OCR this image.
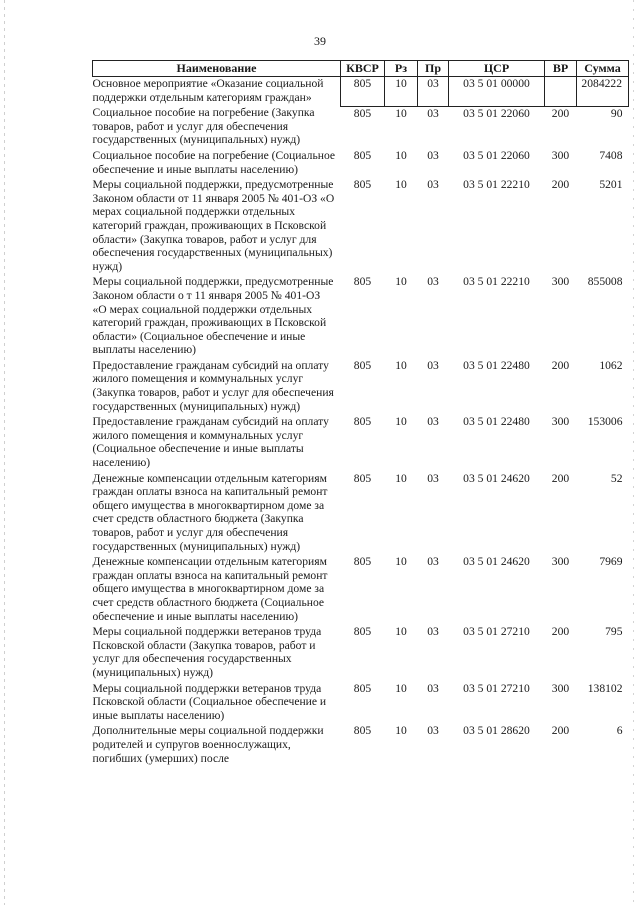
39
Наименование	КВСР	Рз	Пр	ЦСР	ВР	Сумма
Основное мероприятие «Оказание социальной поддержки отдельным категориям граждан»	805	10	03	03 5 01 00000		2084222
Социальное пособие на погребение (Закупка товаров, работ и услуг для обеспечения государственных (муниципальных) нужд)	805	10	03	03 5 01 22060	200	90
Социальное пособие на погребение (Социальное обеспечение и иные выплаты населению)	805	10	03	03 5 01 22060	300	7408
Меры социальной поддержки, предусмотренные Законом области от 11 января 2005 № 401-ОЗ «О мерах социальной поддержки отдельных категорий граждан, проживающих в Псковской области» (Закупка товаров, работ и услуг для обеспечения государственных (муниципальных) нужд)	805	10	03	03 5 01 22210	200	5201
Меры социальной поддержки, предусмотренные Законом области о т 11 января 2005 № 401-ОЗ «О мерах социальной поддержки отдельных категорий граждан, проживающих в Псковской области» (Социальное обеспечение и иные выплаты населению)	805	10	03	03 5 01 22210	300	855008
Предоставление гражданам субсидий на оплату жилого помещения и коммунальных услуг (Закупка товаров, работ и услуг для обеспечения государственных (муниципальных) нужд)	805	10	03	03 5 01 22480	200	1062
Предоставление гражданам субсидий на оплату жилого помещения и коммунальных услуг (Социальное обеспечение и иные выплаты населению)	805	10	03	03 5 01 22480	300	153006
Денежные компенсации отдельным категориям граждан оплаты взноса на капитальный ремонт общего имущества в многоквартирном доме за счет средств областного бюджета (Закупка товаров, работ и услуг для обеспечения государственных (муниципальных) нужд)	805	10	03	03 5 01 24620	200	52
Денежные компенсации отдельным категориям граждан оплаты взноса на капитальный ремонт общего имущества в многоквартирном доме за счет средств областного бюджета (Социальное обеспечение и иные выплаты населению)	805	10	03	03 5 01 24620	300	7969
Меры социальной поддержки ветеранов труда Псковской области (Закупка товаров, работ и услуг для обеспечения государственных (муниципальных) нужд)	805	10	03	03 5 01 27210	200	795
Меры социальной поддержки ветеранов труда Псковской области (Социальное обеспечение и иные выплаты населению)	805	10	03	03 5 01 27210	300	138102
Дополнительные меры социальной поддержки родителей и супругов военнослужащих, погибших (умерших) после	805	10	03	03 5 01 28620	200	6
